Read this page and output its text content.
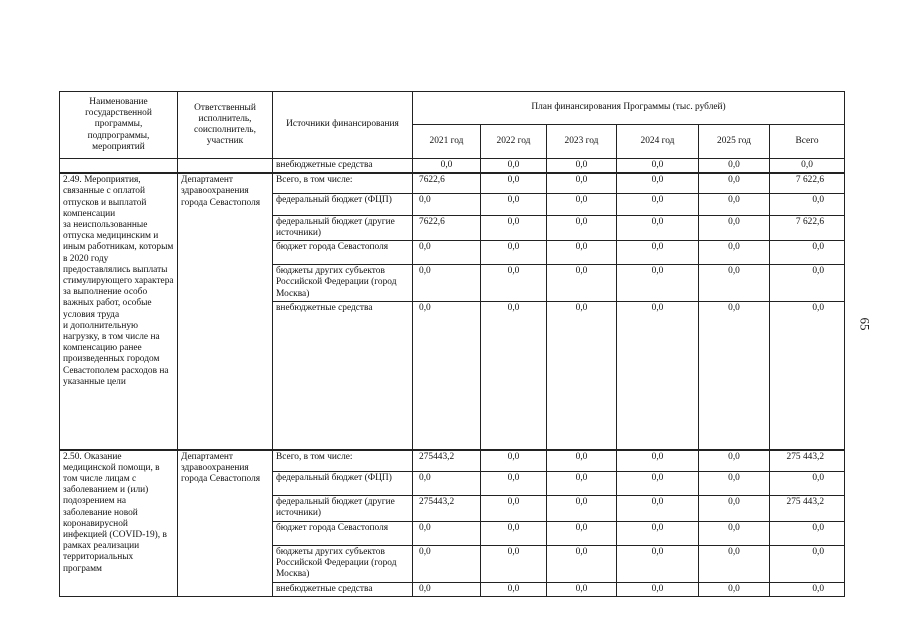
65
Наименование государственной программы, подпрограммы, мероприятий	Ответственный исполнитель, соисполнитель, участник	Источники финансирования	План финансирования Программы (тыс. рублей)					
			2021 год	2022 год	2023 год	2024 год	2025 год	Всего
		внебюджетные средства	0,0	0,0	0,0	0,0	0,0	0,0
2.49. Мероприятия, связанные с оплатой отпусков и выплатой компенсации
за неиспользованные отпуска медицинским и иным работникам, которым в 2020 году предоставлялись выплаты стимулирующего характера
за выполнение особо важных работ, особые условия труда
и дополнительную нагрузку, в том числе на компенсацию ранее произведенных городом Севастополем расходов на указанные цели	Департамент здравоохранения города Севастополя	Всего, в том числе:	7622,6	0,0	0,0	0,0	0,0	7 622,6
		федеральный бюджет (ФЦП)	0,0	0,0	0,0	0,0	0,0	0,0
		федеральный бюджет (другие источники)	7622,6	0,0	0,0	0,0	0,0	7 622,6
		бюджет города Севастополя	0,0	0,0	0,0	0,0	0,0	0,0
		бюджеты других субъектов Российской Федерации (город Москва)	0,0	0,0	0,0	0,0	0,0	0,0
		внебюджетные средства	0,0	0,0	0,0	0,0	0,0	0,0
2.50. Оказание медицинской помощи, в том числе лицам с заболеванием и (или) подозрением на заболевание новой коронавирусной инфекцией (COVID-19), в рамках реализации территориальных программ	Департамент здравоохранения города Севастополя	Всего, в том числе:	275443,2	0,0	0,0	0,0	0,0	275 443,2
		федеральный бюджет (ФЦП)	0,0	0,0	0,0	0,0	0,0	0,0
		федеральный бюджет (другие источники)	275443,2	0,0	0,0	0,0	0,0	275 443,2
		бюджет города Севастополя	0,0	0,0	0,0	0,0	0,0	0,0
		бюджеты других субъектов Российской Федерации (город Москва)	0,0	0,0	0,0	0,0	0,0	0,0
		внебюджетные средства	0,0	0,0	0,0	0,0	0,0	0,0
